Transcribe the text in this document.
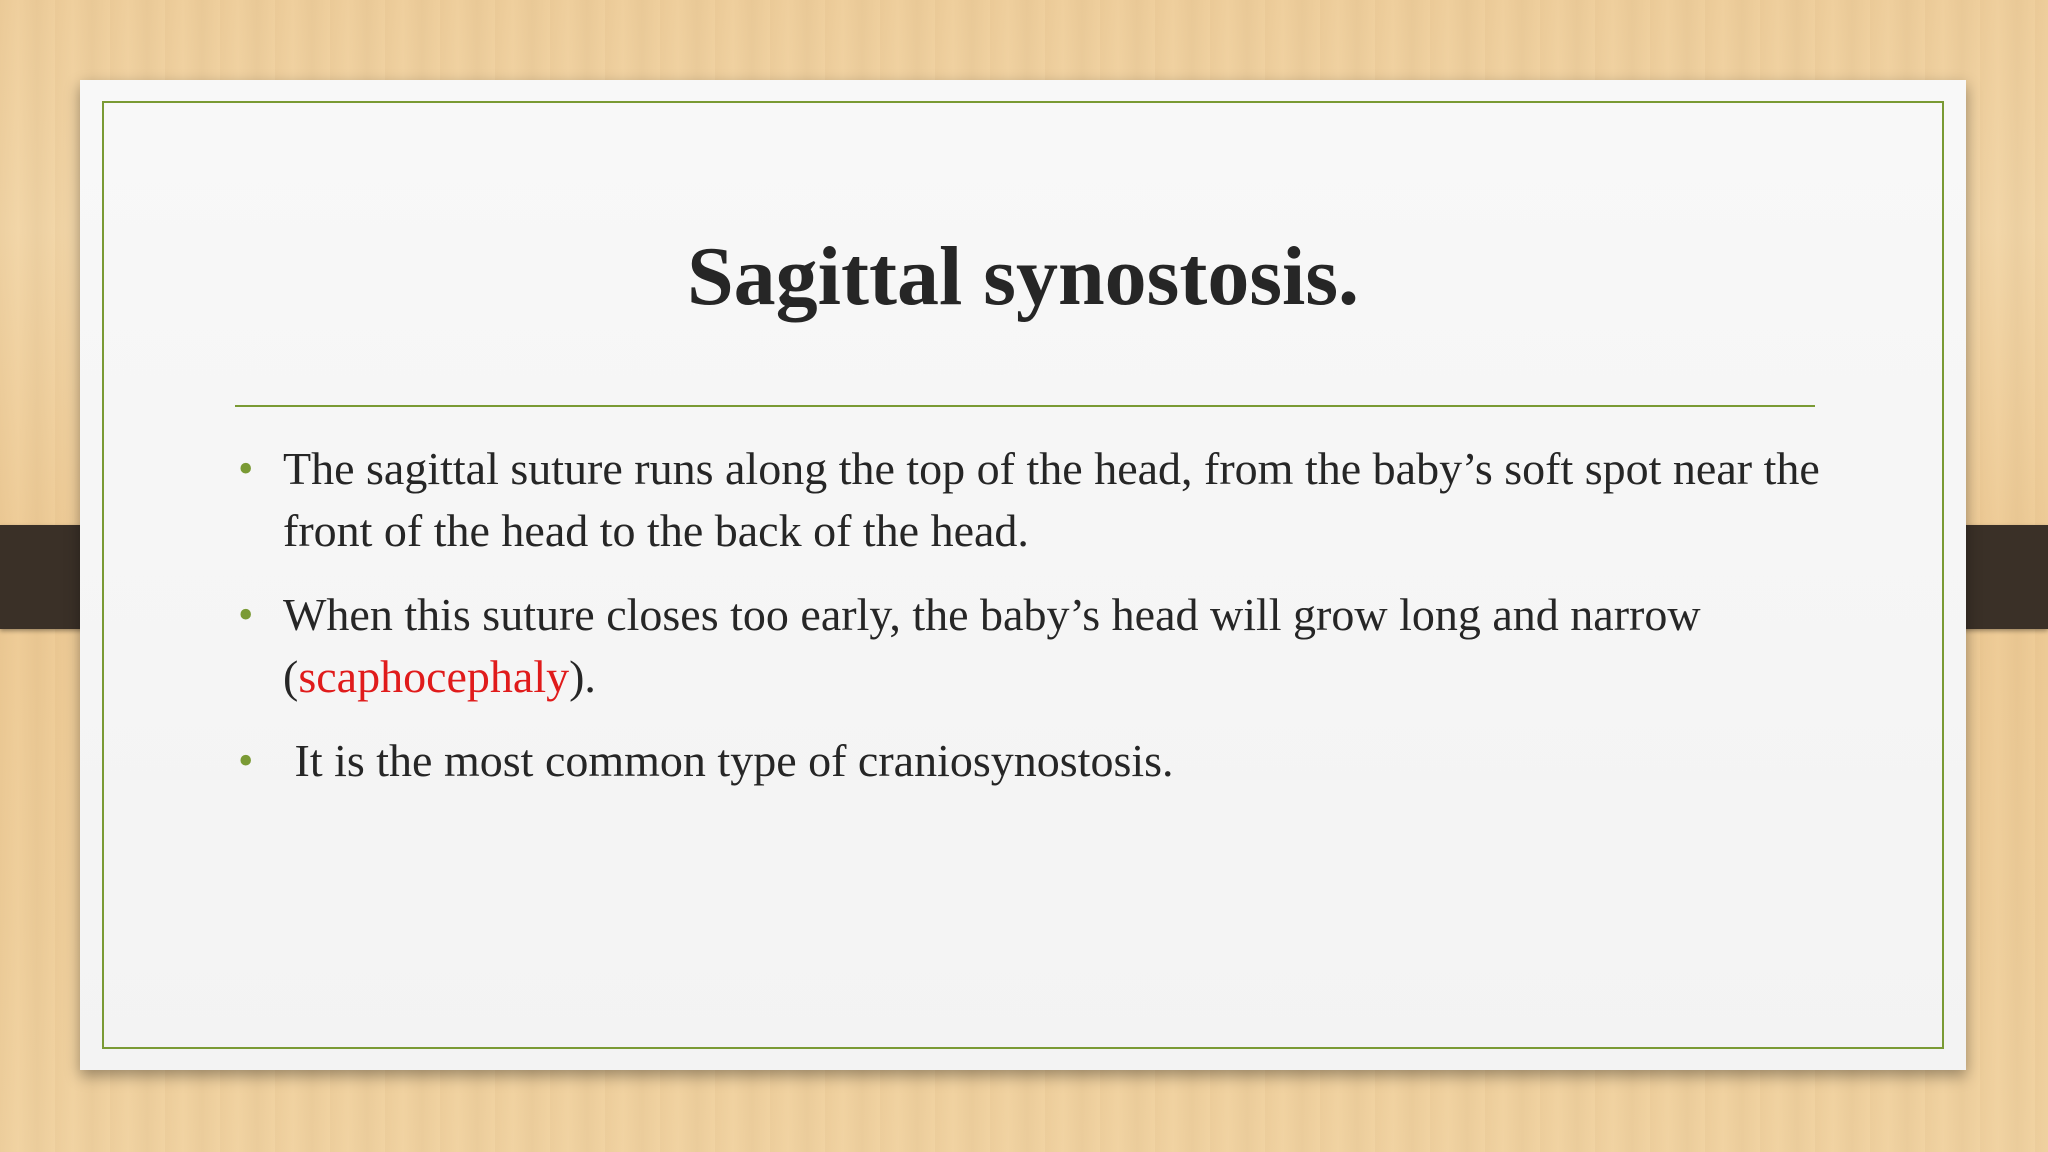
Sagittal synostosis.
• The sagittal suture runs along the top of the head, from the baby’s soft spot near the front of the head to the back of the head.
• When this suture closes too early, the baby’s head will grow long and narrow (scaphocephaly).
• It is the most common type of craniosynostosis.
